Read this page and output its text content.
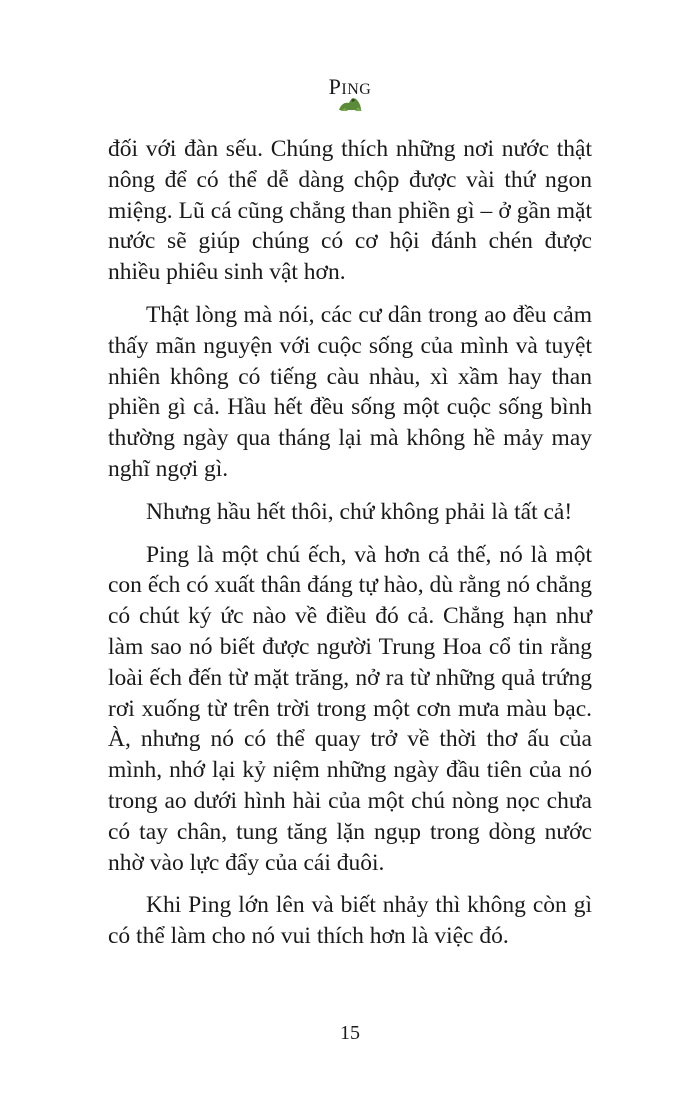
PING

đối với đàn sếu. Chúng thích những nơi nước thật nông để có thể dễ dàng chộp được vài thứ ngon miệng. Lũ cá cũng chẳng than phiền gì – ở gần mặt nước sẽ giúp chúng có cơ hội đánh chén được nhiều phiêu sinh vật hơn.

Thật lòng mà nói, các cư dân trong ao đều cảm thấy mãn nguyện với cuộc sống của mình và tuyệt nhiên không có tiếng càu nhàu, xì xầm hay than phiền gì cả. Hầu hết đều sống một cuộc sống bình thường ngày qua tháng lại mà không hề mảy may nghĩ ngợi gì.

Nhưng hầu hết thôi, chứ không phải là tất cả!

Ping là một chú ếch, và hơn cả thế, nó là một con ếch có xuất thân đáng tự hào, dù rằng nó chẳng có chút ký ức nào về điều đó cả. Chẳng hạn như làm sao nó biết được người Trung Hoa cổ tin rằng loài ếch đến từ mặt trăng, nở ra từ những quả trứng rơi xuống từ trên trời trong một cơn mưa màu bạc. À, nhưng nó có thể quay trở về thời thơ ấu của mình, nhớ lại kỷ niệm những ngày đầu tiên của nó trong ao dưới hình hài của một chú nòng nọc chưa có tay chân, tung tăng lặn ngụp trong dòng nước nhờ vào lực đẩy của cái đuôi.

Khi Ping lớn lên và biết nhảy thì không còn gì có thể làm cho nó vui thích hơn là việc đó.

15
